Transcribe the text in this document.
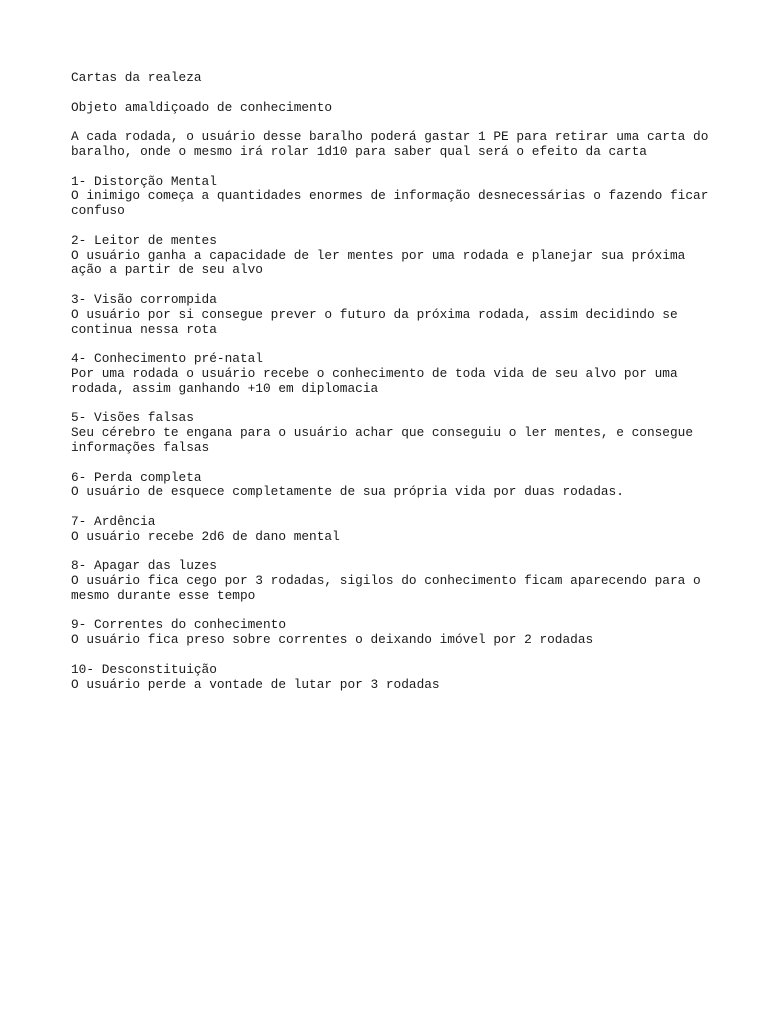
Cartas da realeza

Objeto amaldiçoado de conhecimento

A cada rodada, o usuário desse baralho poderá gastar 1 PE para retirar uma carta do baralho, onde o mesmo irá rolar 1d10 para saber qual será o efeito da carta

1- Distorção Mental
O inimigo começa a quantidades enormes de informação desnecessárias o fazendo ficar confuso
2- Leitor de mentes
O usuário ganha a capacidade de ler mentes por uma rodada e planejar sua próxima ação a partir de seu alvo
3- Visão corrompida
O usuário por si consegue prever o futuro da próxima rodada, assim decidindo se continua nessa rota
4- Conhecimento pré-natal
Por uma rodada o usuário recebe o conhecimento de toda vida de seu alvo por uma rodada, assim ganhando +10 em diplomacia
5- Visões falsas
Seu cérebro te engana para o usuário achar que conseguiu o ler mentes, e consegue informações falsas
6- Perda completa
O usuário de esquece completamente de sua própria vida por duas rodadas.
7- Ardência
O usuário recebe 2d6 de dano mental
8- Apagar das luzes
O usuário fica cego por 3 rodadas, sigilos do conhecimento ficam aparecendo para o mesmo durante esse tempo
9- Correntes do conhecimento
O usuário fica preso sobre correntes o deixando imóvel por 2 rodadas
10- Desconstituição
O usuário perde a vontade de lutar por 3 rodadas
